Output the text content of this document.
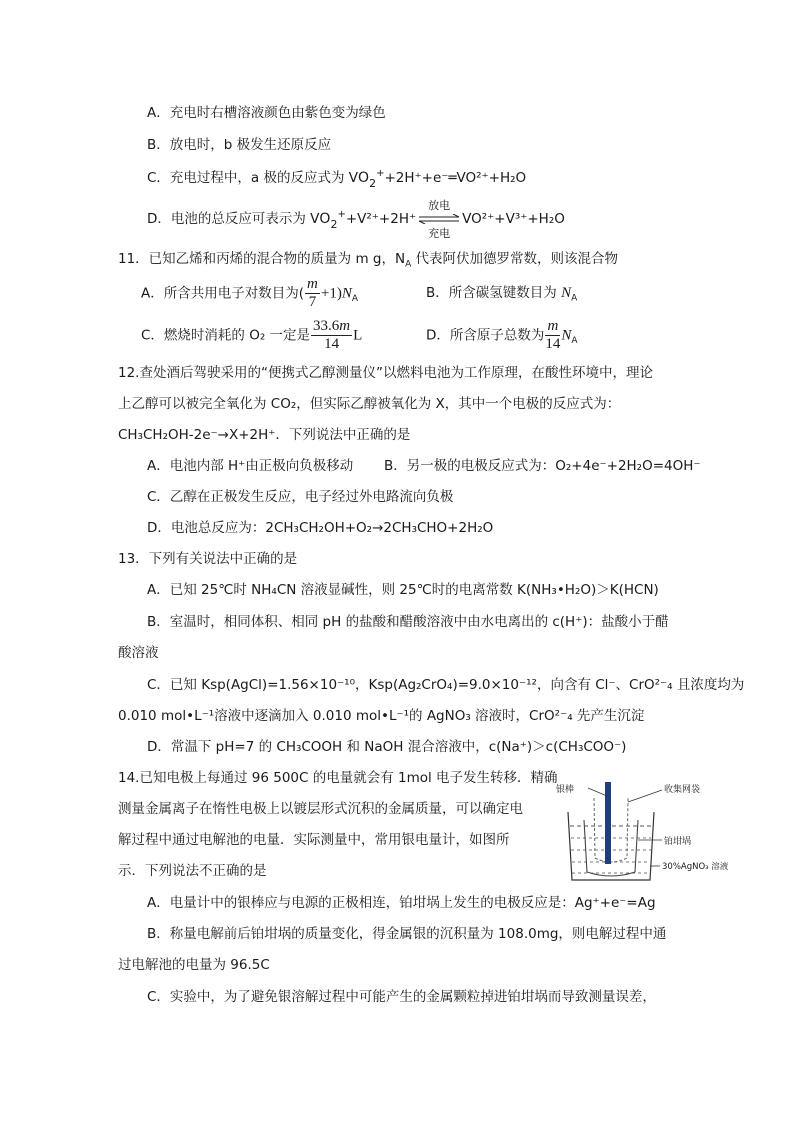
A．充电时右槽溶液颜色由紫色变为绿色
B．放电时，b 极发生还原反应
C．充电过程中，a 极的反应式为 VO2++2H⁺+e⁻═VO²⁺+H₂O
D．电池的总反应可表示为 VO2++V²⁺+2H⁺
放电
充电
VO²⁺+V³⁺+H₂O
11．已知乙烯和丙烯的混合物的质量为 m g，$N_A$ 代表阿伏加德罗常数，则该混合物
A．所含共用电子对数目为( $\frac{m}{7} +1)N_A$	B．所含碳氢键数目为 $N_A$
C．燃烧时消耗的 O₂ 一定是 $\frac{33.6m}{14}$ L	D．所含原子总数为 $\frac{m}{14} N_A$
12.查处酒后驾驶采用的“便携式乙醇测量仪”以燃料电池为工作原理，在酸性环境中，理论
上乙醇可以被完全氧化为 CO₂，但实际乙醇被氧化为 X，其中一个电极的反应式为：
CH₃CH₂OH-2e⁻→X+2H⁺．下列说法中正确的是
A．电池内部 H⁺由正极向负极移动 B．另一极的电极反应式为：O₂+4e⁻+2H₂O=4OH⁻
C．乙醇在正极发生反应，电子经过外电路流向负极
D．电池总反应为：2CH₃CH₂OH+O₂→2CH₃CHO+2H₂O
13．下列有关说法中正确的是
A．已知 25℃时 NH₄CN 溶液显碱性，则 25℃时的电离常数 K(NH₃•H₂O)＞K(HCN)
B．室温时，相同体积、相同 pH 的盐酸和醋酸溶液中由水电离出的 c(H⁺)：盐酸小于醋
酸溶液
C．已知 Ksp(AgCl)=1.56×10⁻¹⁰，Ksp(Ag₂CrO₄)=9.0×10⁻¹²，向含有 Cl⁻、CrO²⁻₄ 且浓度均为
0.010 mol•L⁻¹溶液中逐滴加入 0.010 mol•L⁻¹的 AgNO₃ 溶液时，CrO²⁻₄ 先产生沉淀
D．常温下 pH=7 的 CH₃COOH 和 NaOH 混合溶液中，c(Na⁺)＞c(CH₃COO⁻)
14.已知电极上每通过 96 500C 的电量就会有 1mol 电子发生转移．精确
测量金属离子在惰性电极上以镀层形式沉积的金属质量，可以确定电
解过程中通过电解池的电量．实际测量中，常用银电量计，如图所
示．下列说法不正确的是
A．电量计中的银棒应与电源的正极相连，铂坩埚上发生的电极反应是：Ag⁺+e⁻=Ag
B．称量电解前后铂坩埚的质量变化，得金属银的沉积量为 108.0mg，则电解过程中通
过电解池的电量为 96.5C
C．实验中，为了避免银溶解过程中可能产生的金属颗粒掉进铂坩埚而导致测量误差，
银棒	收集网袋
铂坩埚
30%AgNO₃ 溶液
